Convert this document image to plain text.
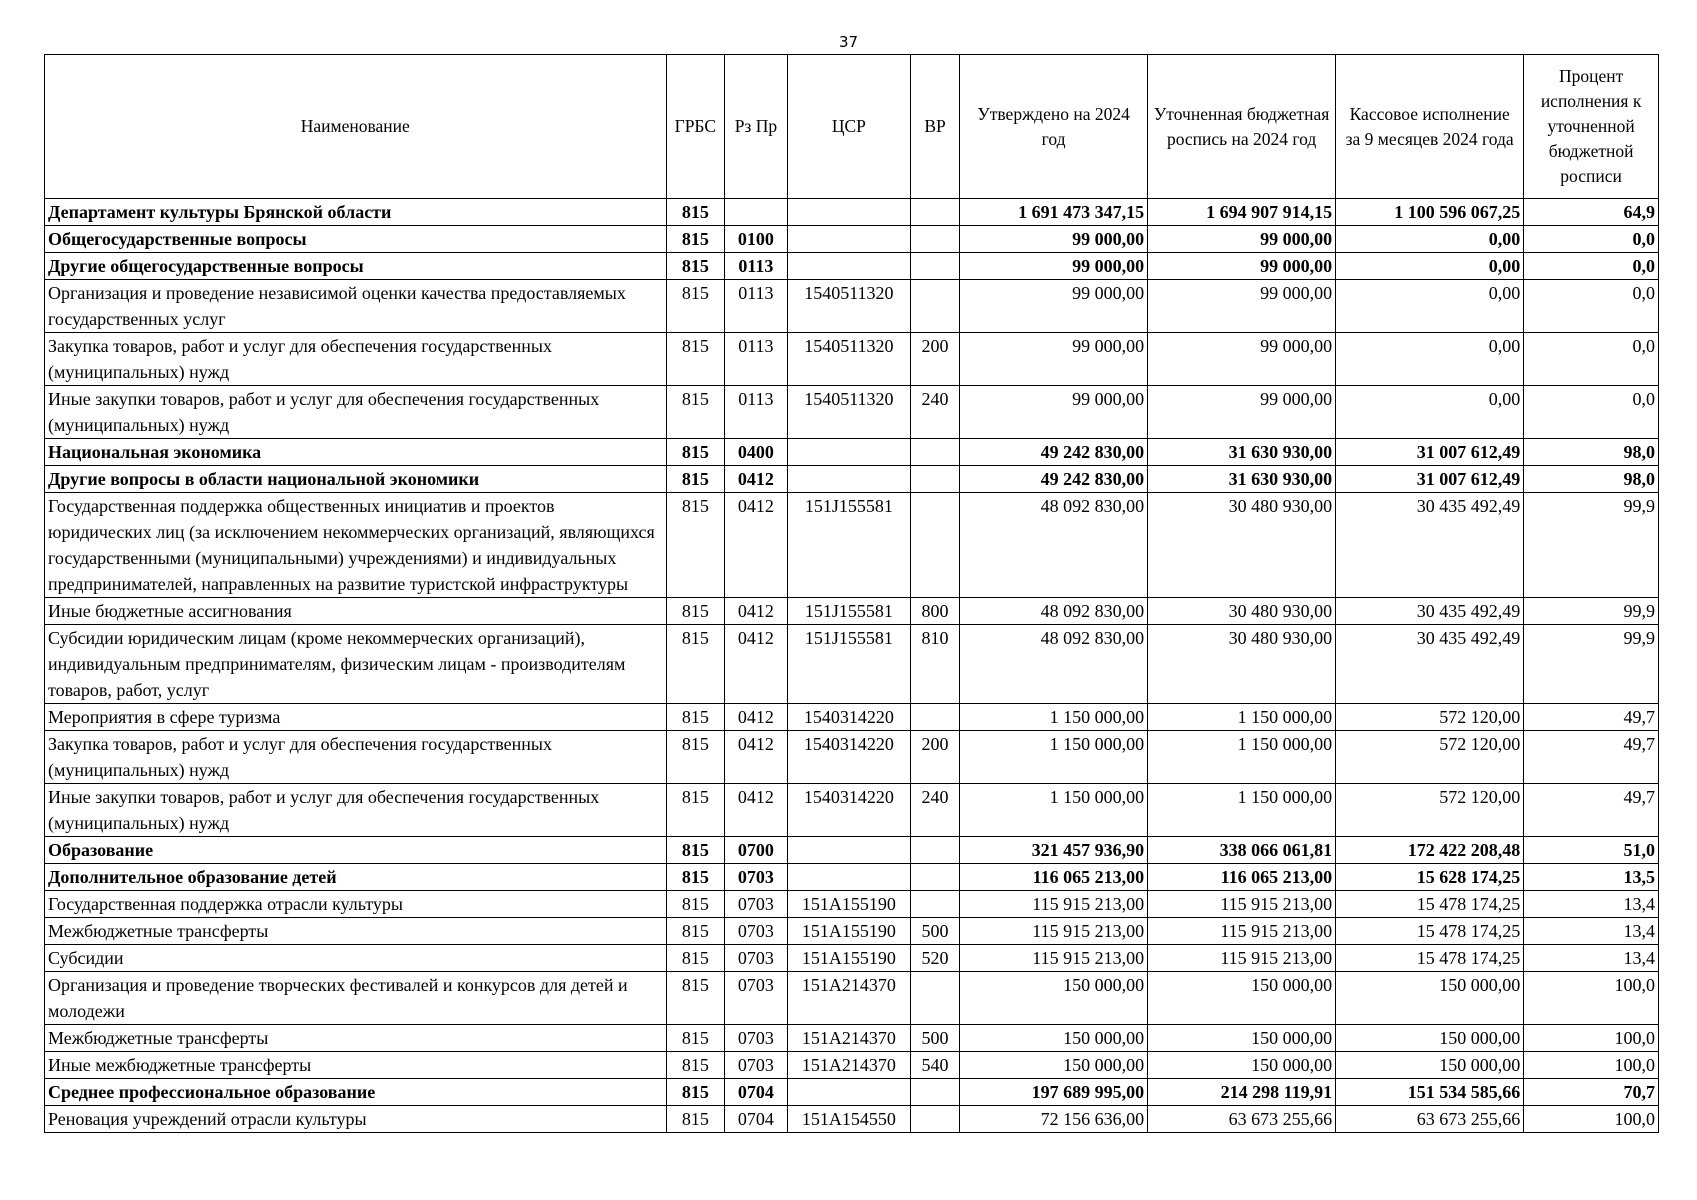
37
Наименование	ГРБС	Рз Пр	ЦСР	ВР	Утверждено на 2024 год	Уточненная бюджетная роспись на 2024 год	Кассовое исполнение за 9 месяцев 2024 года	Процент исполнения к уточненной бюджетной росписи
Департамент культуры Брянской области	815				1 691 473 347,15	1 694 907 914,15	1 100 596 067,25	64,9
Общегосударственные вопросы	815	0100			99 000,00	99 000,00	0,00	0,0
Другие общегосударственные вопросы	815	0113			99 000,00	99 000,00	0,00	0,0
Организация и проведение независимой оценки качества предоставляемых государственных услуг	815	0113	1540511320		99 000,00	99 000,00	0,00	0,0
Закупка товаров, работ и услуг для обеспечения государственных (муниципальных) нужд	815	0113	1540511320	200	99 000,00	99 000,00	0,00	0,0
Иные закупки товаров, работ и услуг для обеспечения государственных (муниципальных) нужд	815	0113	1540511320	240	99 000,00	99 000,00	0,00	0,0
Национальная экономика	815	0400			49 242 830,00	31 630 930,00	31 007 612,49	98,0
Другие вопросы в области национальной экономики	815	0412			49 242 830,00	31 630 930,00	31 007 612,49	98,0
Государственная поддержка общественных инициатив и проектов юридических лиц (за исключением некоммерческих организаций, являющихся государственными (муниципальными) учреждениями) и индивидуальных предпринимателей, направленных на развитие туристской инфраструктуры	815	0412	151J155581		48 092 830,00	30 480 930,00	30 435 492,49	99,9
Иные бюджетные ассигнования	815	0412	151J155581	800	48 092 830,00	30 480 930,00	30 435 492,49	99,9
Субсидии юридическим лицам (кроме некоммерческих организаций), индивидуальным предпринимателям, физическим лицам - производителям товаров, работ, услуг	815	0412	151J155581	810	48 092 830,00	30 480 930,00	30 435 492,49	99,9
Мероприятия в сфере туризма	815	0412	1540314220		1 150 000,00	1 150 000,00	572 120,00	49,7
Закупка товаров, работ и услуг для обеспечения государственных (муниципальных) нужд	815	0412	1540314220	200	1 150 000,00	1 150 000,00	572 120,00	49,7
Иные закупки товаров, работ и услуг для обеспечения государственных (муниципальных) нужд	815	0412	1540314220	240	1 150 000,00	1 150 000,00	572 120,00	49,7
Образование	815	0700			321 457 936,90	338 066 061,81	172 422 208,48	51,0
Дополнительное образование детей	815	0703			116 065 213,00	116 065 213,00	15 628 174,25	13,5
Государственная поддержка отрасли культуры	815	0703	151A155190		115 915 213,00	115 915 213,00	15 478 174,25	13,4
Межбюджетные трансферты	815	0703	151A155190	500	115 915 213,00	115 915 213,00	15 478 174,25	13,4
Субсидии	815	0703	151A155190	520	115 915 213,00	115 915 213,00	15 478 174,25	13,4
Организация и проведение творческих фестивалей и конкурсов для детей и молодежи	815	0703	151A214370		150 000,00	150 000,00	150 000,00	100,0
Межбюджетные трансферты	815	0703	151A214370	500	150 000,00	150 000,00	150 000,00	100,0
Иные межбюджетные трансферты	815	0703	151A214370	540	150 000,00	150 000,00	150 000,00	100,0
Среднее профессиональное образование	815	0704			197 689 995,00	214 298 119,91	151 534 585,66	70,7
Реновация учреждений отрасли культуры	815	0704	151A154550		72 156 636,00	63 673 255,66	63 673 255,66	100,0
